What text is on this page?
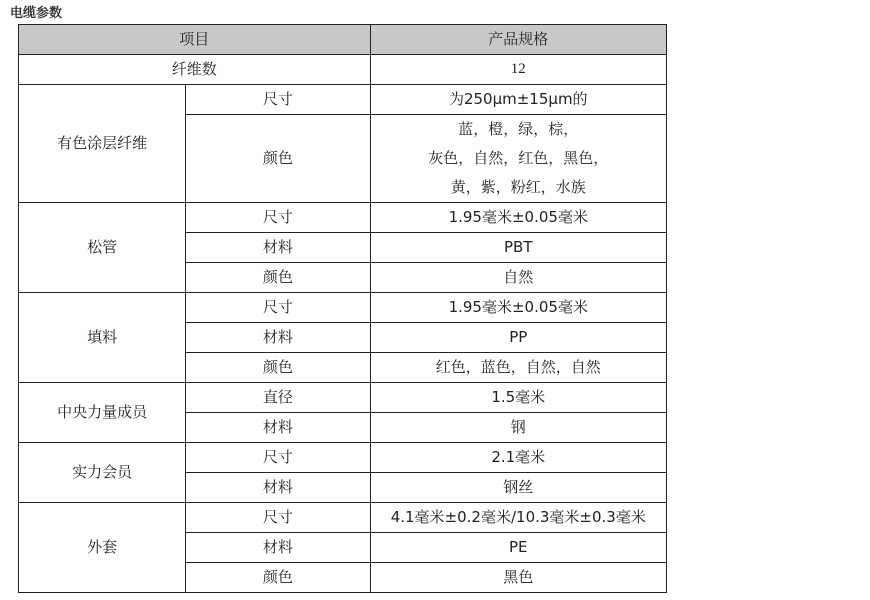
电缆参数
项目		产品规格
纤维数		12
有色涂层纤维	尺寸	为250μm±15μm的
	颜色	蓝，橙，绿，棕，
灰色，自然，红色，黑色，
黄，紫，粉红，水族

松管	尺寸	1.95毫米±0.05毫米
	材料	PBT
	颜色	自然
填料	尺寸	1.95毫米±0.05毫米
	材料	PP
	颜色	红色，蓝色，自然，自然
中央力量成员	直径	1.5毫米
	材料	钢
实力会员	尺寸	2.1毫米
	材料	钢丝
外套	尺寸	4.1毫米±0.2毫米/10.3毫米±0.3毫米
	材料	PE
	颜色	黑色
